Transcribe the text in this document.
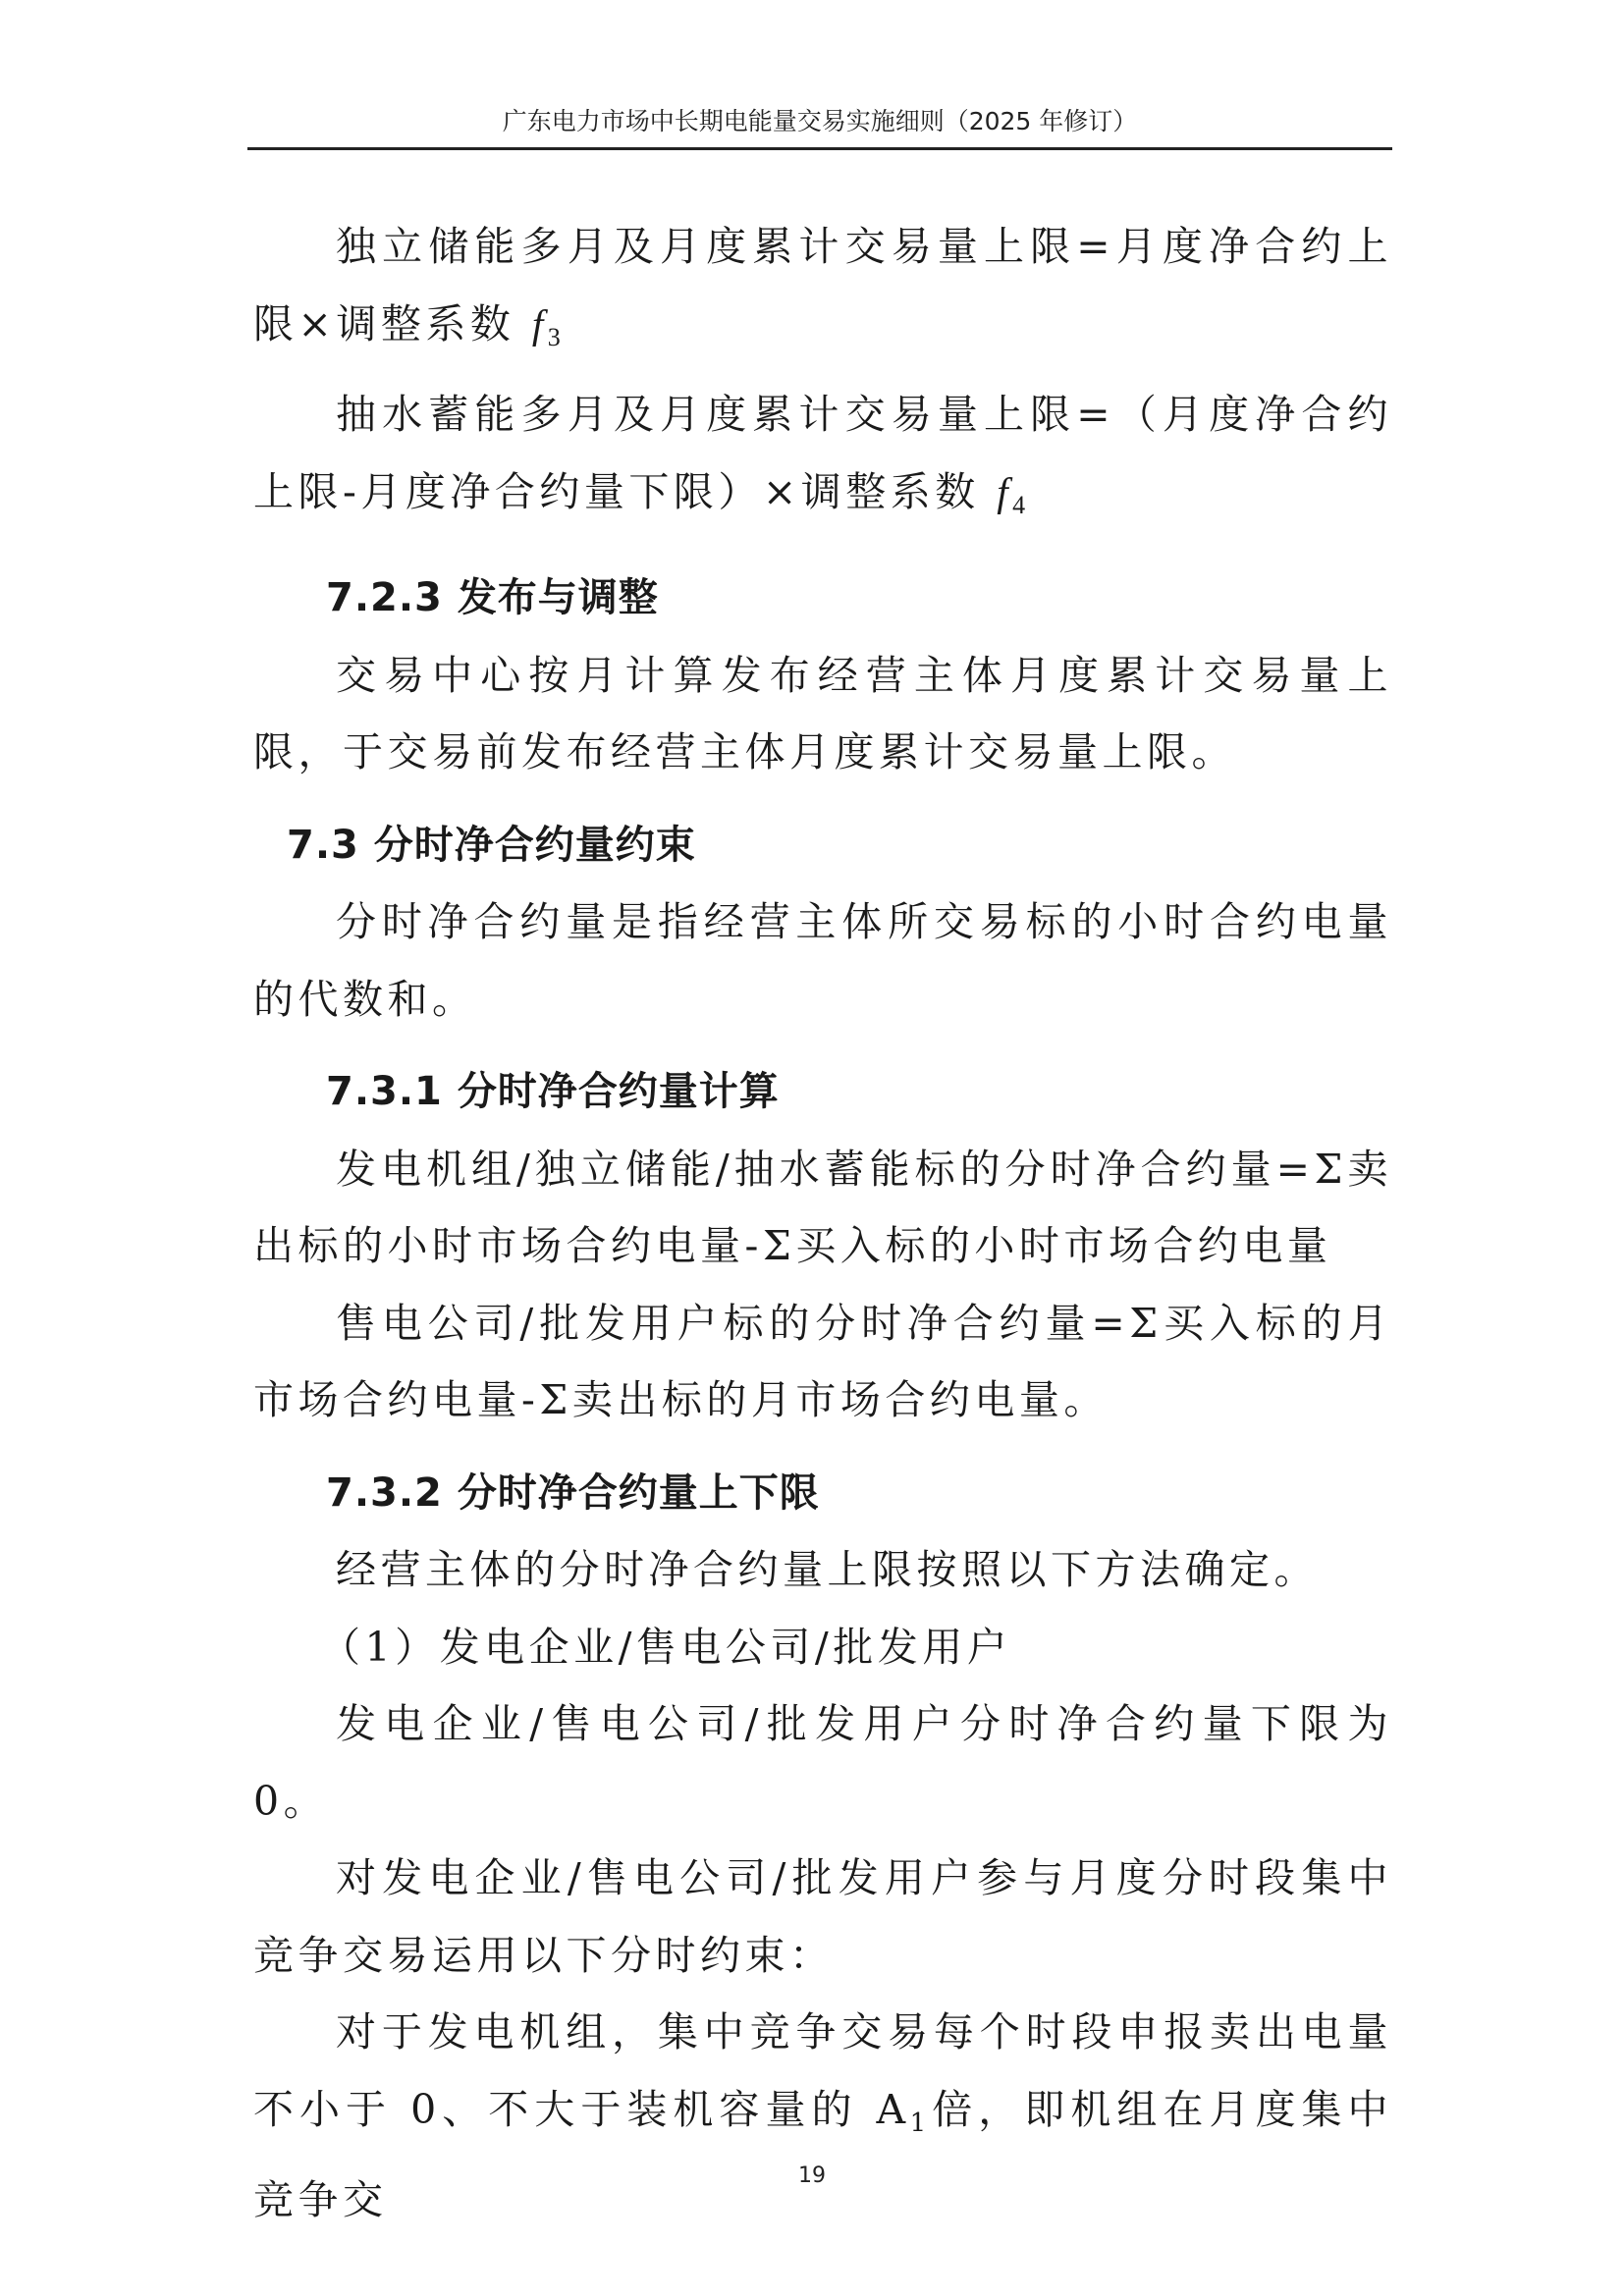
广东电力市场中长期电能量交易实施细则（2025 年修订）

独立储能多月及月度累计交易量上限=月度净合约上限×调整系数 $f_3$

抽水蓄能多月及月度累计交易量上限=（月度净合约上限-月度净合约量下限）×调整系数 $f_4$

7.2.3 发布与调整

交易中心按月计算发布经营主体月度累计交易量上限，于交易前发布经营主体月度累计交易量上限。

7.3 分时净合约量约束

分时净合约量是指经营主体所交易标的小时合约电量的代数和。

7.3.1 分时净合约量计算

发电机组/独立储能/抽水蓄能标的分时净合约量=Σ卖出标的小时市场合约电量-Σ买入标的小时市场合约电量

售电公司/批发用户标的分时净合约量=Σ买入标的月市场合约电量-Σ卖出标的月市场合约电量。

7.3.2 分时净合约量上下限

经营主体的分时净合约量上限按照以下方法确定。

（1）发电企业/售电公司/批发用户

发电企业/售电公司/批发用户分时净合约量下限为 0。

对发电企业/售电公司/批发用户参与月度分时段集中竞争交易运用以下分时约束：

对于发电机组，集中竞争交易每个时段申报卖出电量不小于 0、不大于装机容量的 $A_1$倍，即机组在月度集中竞争交

19
